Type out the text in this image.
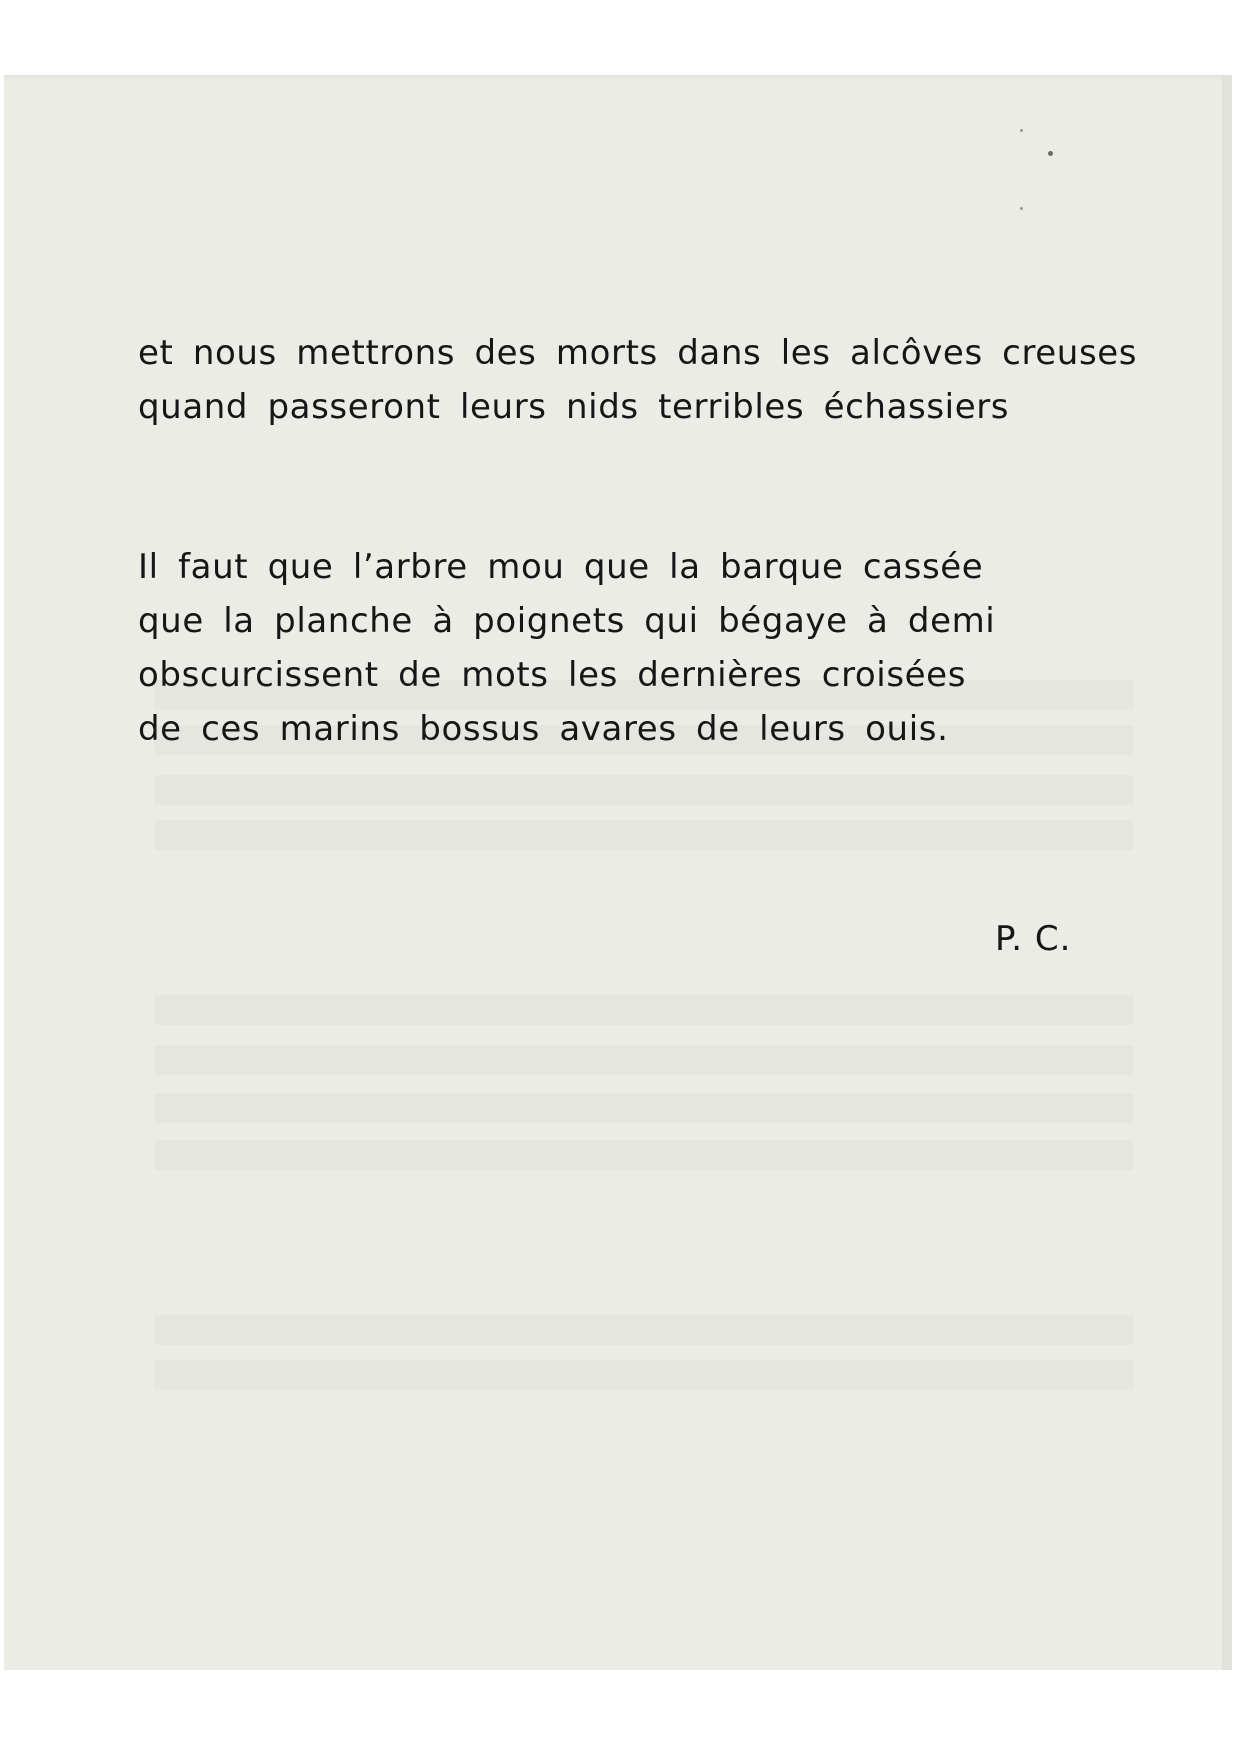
et nous mettrons des morts dans les alcôves creuses
quand passeront leurs nids terribles échassiers
Il faut que l’arbre mou que la barque cassée
que la planche à poignets qui bégaye à demi
obscurcissent de mots les dernières croisées
de ces marins bossus avares de leurs ouis.
P. C.
